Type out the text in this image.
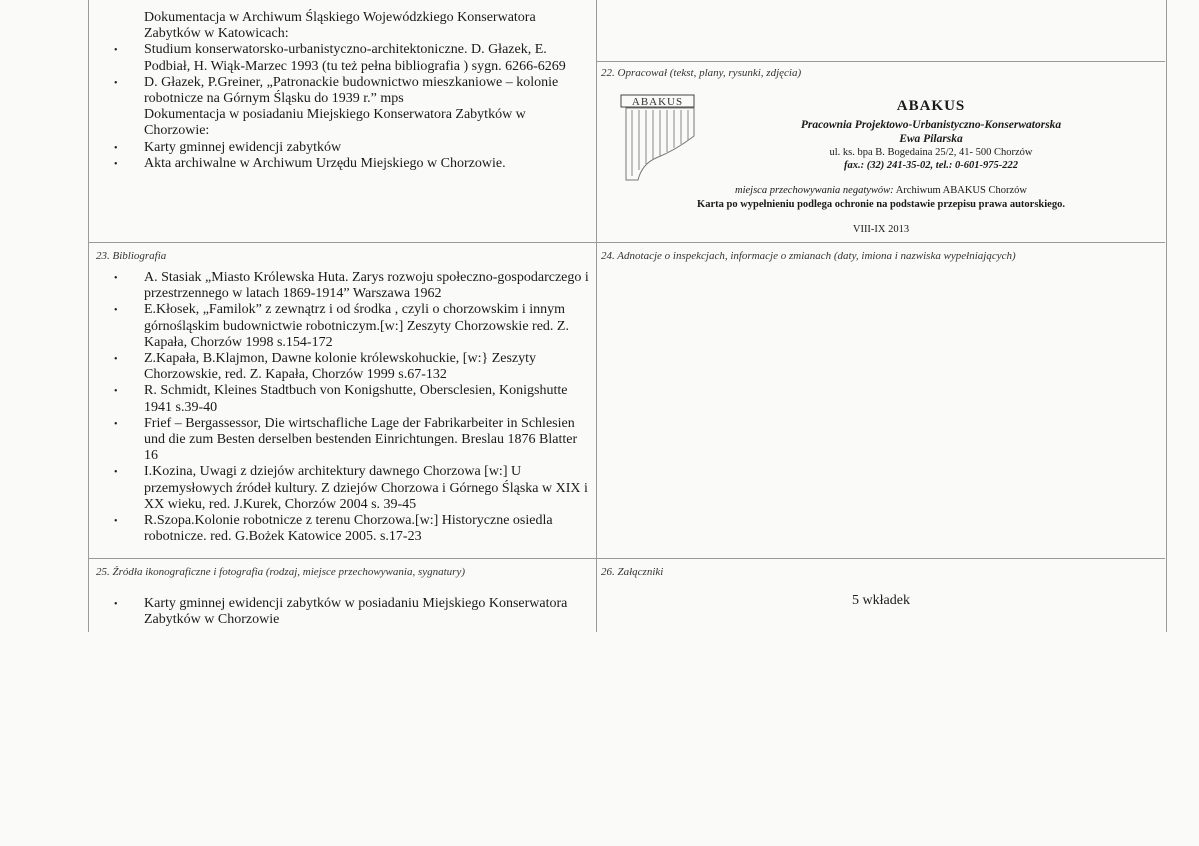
Dokumentacja w Archiwum Śląskiego Wojewódzkiego Konserwatora Zabytków w Katowicach:
• Studium konserwatorsko-urbanistyczno-architektoniczne. D. Głazek, E. Podbiał, H. Wiąk-Marzec 1993 (tu też pełna bibliografia ) sygn. 6266-6269
• D. Głazek, P.Greiner, „Patronackie budownictwo mieszkaniowe – kolonie robotnicze na Górnym Śląsku do 1939 r.” mps
Dokumentacja w posiadaniu Miejskiego Konserwatora Zabytków w Chorzowie:
• Karty gminnej ewidencji zabytków
• Akta archiwalne w Archiwum Urzędu Miejskiego w Chorzowie.
22. Opracował (tekst, plany, rysunki, zdjęcia)
ABAKUS	ABAKUS
Pracownia Projektowo-Urbanistyczno-Konserwatorska
Ewa Pilarska
ul. ks. bpa B. Bogedaina 25/2, 41- 500 Chorzów
fax.: (32) 241-35-02, tel.: 0-601-975-222
miejsca przechowywania negatywów: Archiwum ABAKUS Chorzów
Karta po wypełnieniu podlega ochronie na podstawie przepisu prawa autorskiego.
VIII-IX 2013
23. Bibliografia
• A. Stasiak „Miasto Królewska Huta. Zarys rozwoju społeczno-gospodarczego i przestrzennego w latach 1869-1914” Warszawa 1962
• E.Kłosek, „Familok” z zewnątrz i od środka , czyli o chorzowskim i innym górnośląskim budownictwie robotniczym.[w:] Zeszyty Chorzowskie red. Z. Kapała, Chorzów 1998 s.154-172
• Z.Kapała, B.Klajmon, Dawne kolonie królewskohuckie, [w:} Zeszyty Chorzowskie, red. Z. Kapała, Chorzów 1999 s.67-132
• R. Schmidt, Kleines Stadtbuch von Konigshutte, Obersclesien, Konigshutte 1941 s.39-40
• Frief – Bergassessor, Die wirtschafliche Lage der Fabrikarbeiter in Schlesien und die zum Besten derselben bestenden Einrichtungen. Breslau 1876 Blatter 16
• I.Kozina, Uwagi z dziejów architektury dawnego Chorzowa [w:] U przemysłowych źródeł kultury. Z dziejów Chorzowa i Górnego Śląska w XIX i XX wieku, red. J.Kurek, Chorzów 2004 s. 39-45
• R.Szopa.Kolonie robotnicze z terenu Chorzowa.[w:] Historyczne osiedla robotnicze. red. G.Bożek Katowice 2005. s.17-23
24. Adnotacje o inspekcjach, informacje o zmianach (daty, imiona i nazwiska wypełniających)
25. Źródła ikonograficzne i fotografia (rodzaj, miejsce przechowywania, sygnatury)
• Karty gminnej ewidencji zabytków w posiadaniu Miejskiego Konserwatora Zabytków w Chorzowie
26. Załączniki
5 wkładek
